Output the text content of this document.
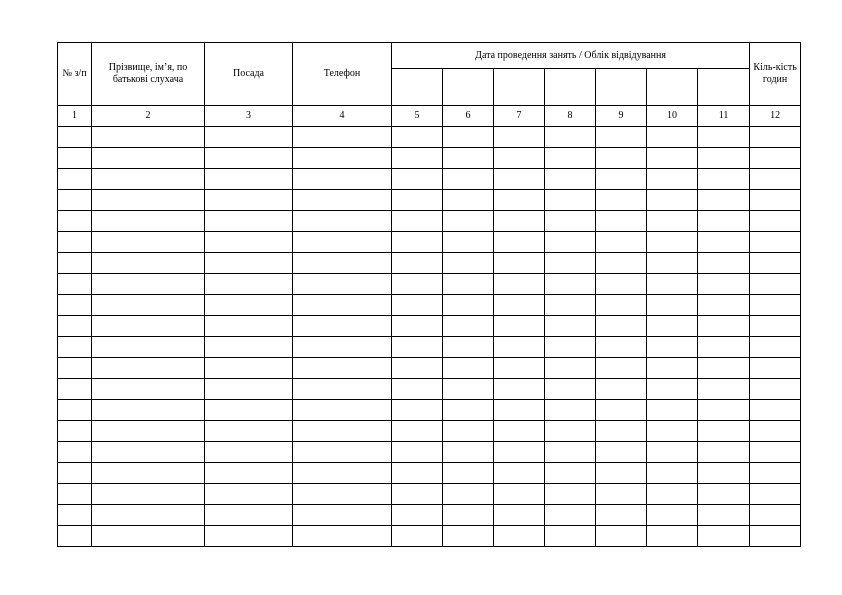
№ з/п	Прізвище, ім’я, по батькові слухача	Посада	Телефон	Дата проведення занять / Облік відвідування							Кіль-кість годин

1	2	3	4	5	6	7	8	9	10	11	12
